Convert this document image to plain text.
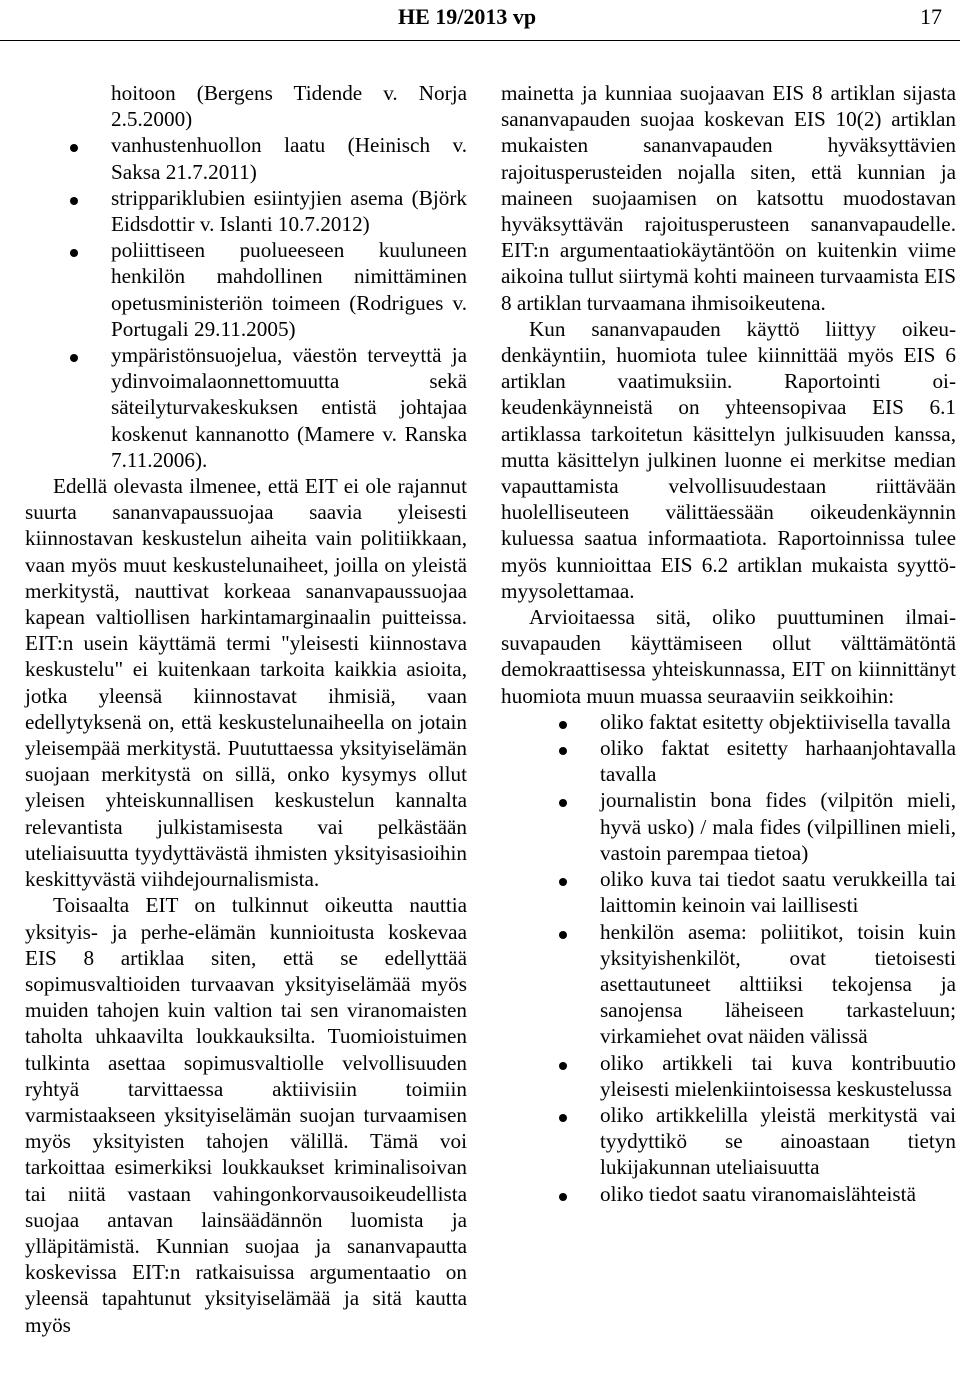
HE 19/2013 vp	17
hoitoon (Bergens Tidende v. Norja 2.5.2000)
vanhustenhuollon laatu (Heinisch v. Saksa 21.7.2011)
strippariklubien esiintyjien asema (Björk Eidsdottir v. Islanti 10.7.2012)
poliittiseen puolueeseen kuuluneen henkilön mahdollinen nimittäminen opetusministeriön toimeen (Rodrigues v. Portugali 29.11.2005)
ympäristönsuojelua, väestön terveyttä ja ydinvoimalaonnettomuutta sekä säteilyturvakeskuksen entistä johtajaa koskenut kannanotto (Mamere v. Ranska 7.11.2006).

Edellä olevasta ilmenee, että EIT ei ole rajannut suurta sananvapaussuojaa saavia yleisesti kiinnostavan keskustelun aiheita vain politiikkaan, vaan myös muut keskustelunaiheet, joilla on yleistä merkitystä, nauttivat korkeaa sananvapaussuojaa kapean valtiollisen harkintamarginaalin puitteissa. EIT:n usein käyttämä termi "yleisesti kiinnostava keskustelu" ei kuitenkaan tarkoita kaikkia asioita, jotka yleensä kiinnostavat ihmisiä, vaan edellytyksenä on, että keskustelunaiheella on jotain yleisempää merkitystä. Puututtaessa yksityiselämän suojaan merkitystä on sillä, onko kysymys ollut yleisen yhteiskunnallisen keskustelun kannalta relevantista julkistamisesta vai pelkästään uteliaisuutta tyydyttävästä ihmisten yksityisasioihin keskittyvästä viihdejournalismista.

Toisaalta EIT on tulkinnut oikeutta nauttia yksityis- ja perhe-elämän kunnioitusta koskevaa EIS 8 artiklaa siten, että se edellyttää sopimusvaltioiden turvaavan yksityiselämää myös muiden tahojen kuin valtion tai sen viranomaisten taholta uhkaavilta loukkauksilta. Tuomioistuimen tulkinta asettaa sopimusvaltiolle velvollisuuden ryhtyä tarvittaessa aktiivisiin toimiin varmistaakseen yksityiselämän suojan turvaamisen myös yksityisten tahojen välillä. Tämä voi tarkoittaa esimerkiksi loukkaukset kriminalisoivan tai niitä vastaan vahingonkorvausoikeudellista suojaa antavan lainsäädännön luomista ja ylläpitämistä. Kunnian suojaa ja sananvapautta koskevissa EIT:n ratkaisuissa argumentaatio on yleensä tapahtunut yksityiselämää ja sitä kautta myös

mainetta ja kunniaa suojaavan EIS 8 artiklan sijasta sananvapauden suojaa koskevan EIS 10(2) artiklan mukaisten sananvapauden hyväksyttävien rajoitusperusteiden nojalla siten, että kunnian ja maineen suojaamisen on katsottu muodostavan hyväksyttävän rajoitusperusteen sananvapaudelle. EIT:n argumentaatiokäytäntöön on kuitenkin viime aikoina tullut siirtymä kohti maineen turvaamista EIS 8 artiklan turvaamana ihmisoikeutena.

Kun sananvapauden käyttö liittyy oikeudenkäyntiin, huomiota tulee kiinnittää myös EIS 6 artiklan vaatimuksiin. Raportointi oikeudenkäynneistä on yhteensopivaa EIS 6.1 artiklassa tarkoitetun käsittelyn julkisuuden kanssa, mutta käsittelyn julkinen luonne ei merkitse median vapauttamista velvollisuudestaan riittävään huolelliseuteen välittäessään oikeudenkäynnin kuluessa saatua informaatiota. Raportoinnissa tulee myös kunnioittaa EIS 6.2 artiklan mukaista syyttömyysolettamaa.

Arvioitaessa sitä, oliko puuttuminen ilmaisuvapauden käyttämiseen ollut välttämätöntä demokraattisessa yhteiskunnassa, EIT on kiinnittänyt huomiota muun muassa seuraaviin seikkoihin:

oliko faktat esitetty objektiivisella tavalla
oliko faktat esitetty harhaanjohtavalla tavalla
journalistin bona fides (vilpitön mieli, hyvä usko) / mala fides (vilpillinen mieli, vastoin parempaa tietoa)
oliko kuva tai tiedot saatu verukkeilla tai laittomin keinoin vai laillisesti
henkilön asema: poliitikot, toisin kuin yksityishenkilöt, ovat tietoisesti asettautuneet alttiiksi tekojensa ja sanojensa läheiseen tarkasteluun; virkamiehet ovat näiden välissä
oliko artikkeli tai kuva kontribuutio yleisesti mielenkiintoisessa keskustelussa
oliko artikkelilla yleistä merkitystä vai tyydyttikö se ainoastaan tietyn lukijakunnan uteliaisuutta
oliko tiedot saatu viranomaislähteistä
